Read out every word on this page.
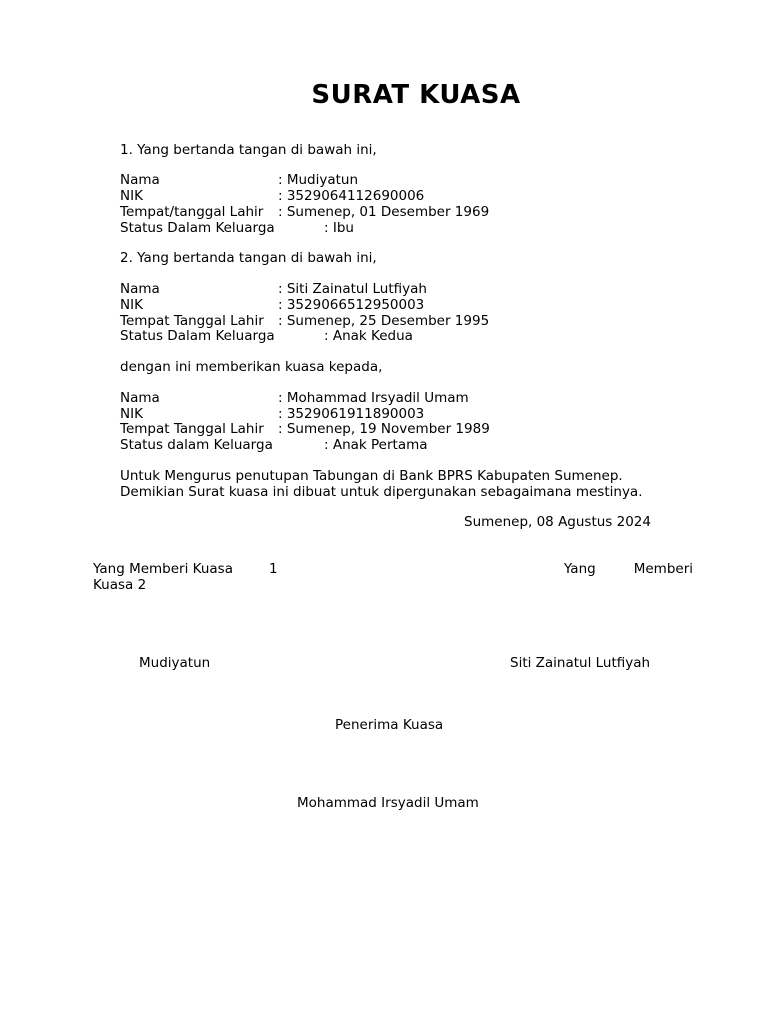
SURAT KUASA
1. Yang bertanda tangan di bawah ini,
Nama	: Mudiyatun
NIK	: 3529064112690006
Tempat/tanggal Lahir : Sumenep, 01 Desember 1969
Status Dalam Keluarga	: Ibu
2. Yang bertanda tangan di bawah ini,
Nama	: Siti Zainatul Lutfiyah
NIK	: 3529066512950003
Tempat Tanggal Lahir : Sumenep, 25 Desember 1995
Status Dalam Keluarga	: Anak Kedua
dengan ini memberikan kuasa kepada,
Nama	: Mohammad Irsyadil Umam
NIK	: 3529061911890003
Tempat Tanggal Lahir : Sumenep, 19 November 1989
Status dalam Keluarga	: Anak Pertama
Untuk Mengurus penutupan Tabungan di Bank BPRS Kabupaten Sumenep.
Demikian Surat kuasa ini dibuat untuk dipergunakan sebagaimana mestinya.
Sumenep, 08 Agustus 2024
Yang Memberi Kuasa	1	Yang	Memberi
Kuasa 2
Mudiyatun	Siti Zainatul Lutfiyah
Penerima Kuasa
Mohammad Irsyadil Umam
